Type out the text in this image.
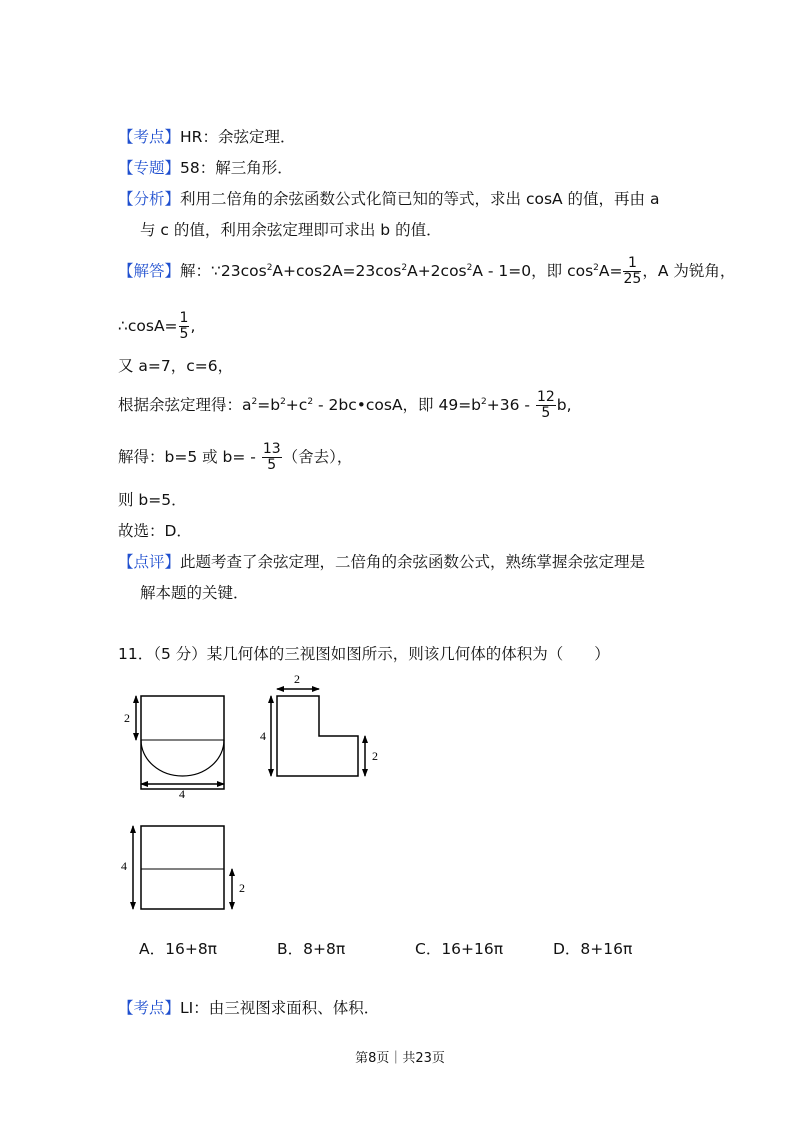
【考点】HR：余弦定理．
【专题】58：解三角形．
【分析】利用二倍角的余弦函数公式化简已知的等式，求出 cosA 的值，再由 a
与 c 的值，利用余弦定理即可求出 b 的值．
【解答】解：$\because 23\cos^2A+\cos 2A=23\cos^2A+2\cos^2A - 1=0$，即 $\cos^2A= \frac{1}{25}$ ，A 为锐角，
∴cosA= $\frac{1}{5}$ ,
又 a=7，c=6，
根据余弦定理得：$a^2=b^2+c^2$ - 2bc•cosA，即 $49=b^2+36 - \frac{12}{5} b$,
解得：b=5 或 $b= - \frac{13}{5}$ （舍去），
则 b=5．
故选：D．
【点评】此题考查了余弦定理，二倍角的余弦函数公式，熟练掌握余弦定理是
解本题的关键．
11．（5 分）某几何体的三视图如图所示，则该几何体的体积为（　　）
2
4
2
4
2
4
2
A．16+8π	B．8+8π	C．16+16π	D．8+16π
【考点】LI：由三视图求面积、体积．
第8页｜共23页
